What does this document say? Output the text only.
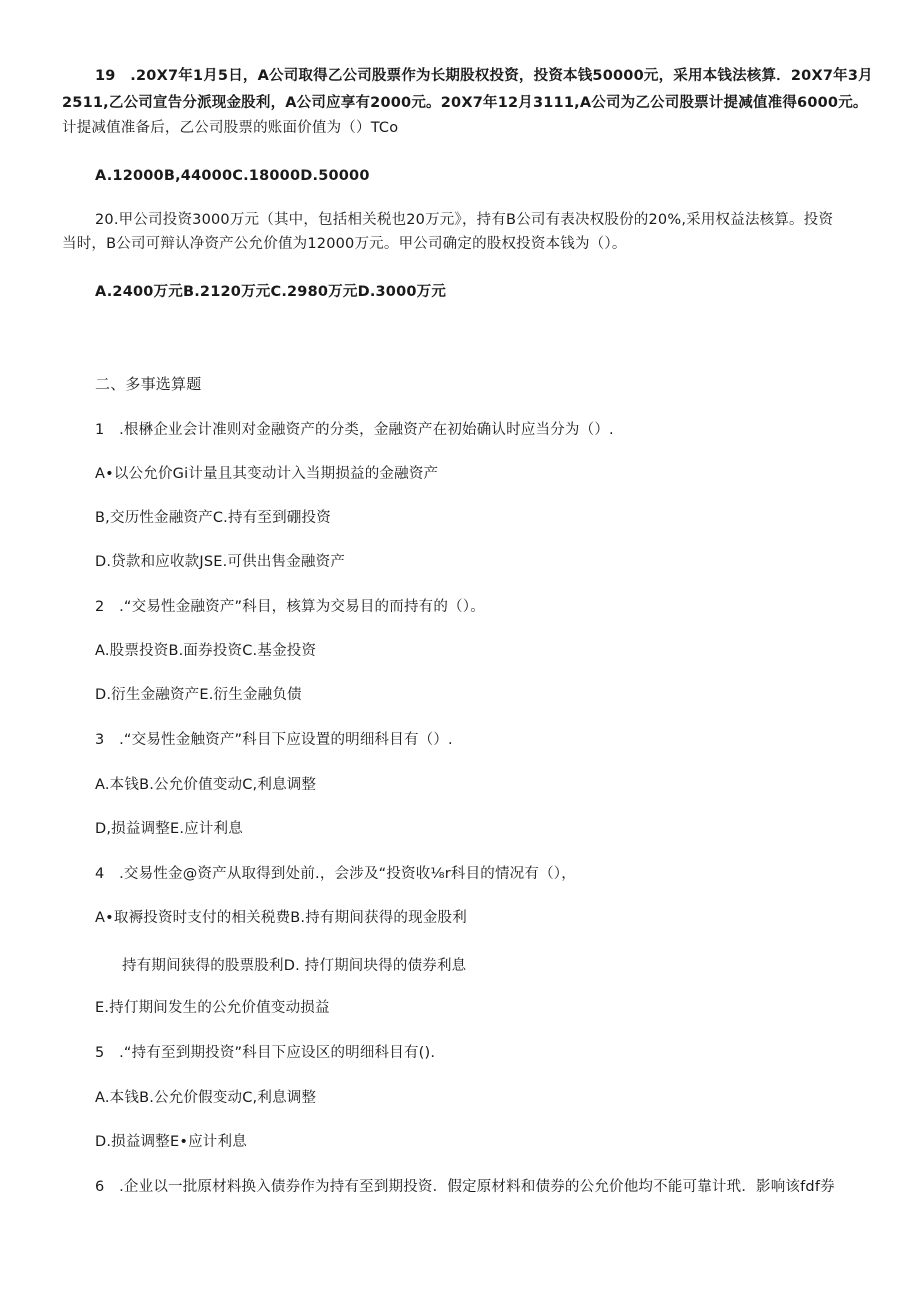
19　.20X7年1月5日，A公司取得乙公司股票作为长期股权投资，投资本钱50000元，采用本钱法核算．20X7年3月
2511,乙公司宣告分派现金股利，A公司应享有2000元。20X7年12月3111,A公司为乙公司股票计提减值准得6000元。
计提减值准备后，乙公司股票的账面价值为（）TCo
A.12000B,44000C.18000D.50000
20.甲公司投资3000万元（其中，包括相关税也20万元》，持有B公司有表决权股份的20%,采用权益法核算。投资
当时，B公司可辩认净资产公允价值为12000万元。甲公司确定的股权投资本钱为（）。
A.2400万元B.2120万元C.2980万元D.3000万元
二、多事选算题
1　.根楙企业会计准则对金融资产的分类，金融资产在初始确认时应当分为（）.
A•以公允价Gi计量且其变动计入当期损益的金融资产
B,交历性金融资产C.持有至到硼投资
D.贷款和应收款JSE.可供出售金融资产
2　.“交易性金融资产”科目，核算为交易目的而持有的（）。
A.股票投资B.面券投资C.基金投资
D.衍生金融资产E.衍生金融负债
3　.“交易性金触资产”科目下应设置的明细科目有（）.
A.本钱B.公允价值变动C,利息调整
D,损益调整E.应计利息
4　.交易性金@资产从取得到处前.，会涉及“投资收⅛r科目的情况有（），
A•取褥投资时支付的相关税费B.持有期间获得的现金股利
持有期间狭得的股票股利D. 持仃期间块得的债券利息
E.持仃期间发生的公允价值变动损益
5　.“持有至到期投资”科目下应设区的明细科目有().
A.本钱B.公允价假变动C,利息调整
D.损益调整E•应计利息
6　.企业以一批原材料换入债券作为持有至到期投资．假定原材料和债券的公允价他均不能可靠计玳．影响该fdf券
